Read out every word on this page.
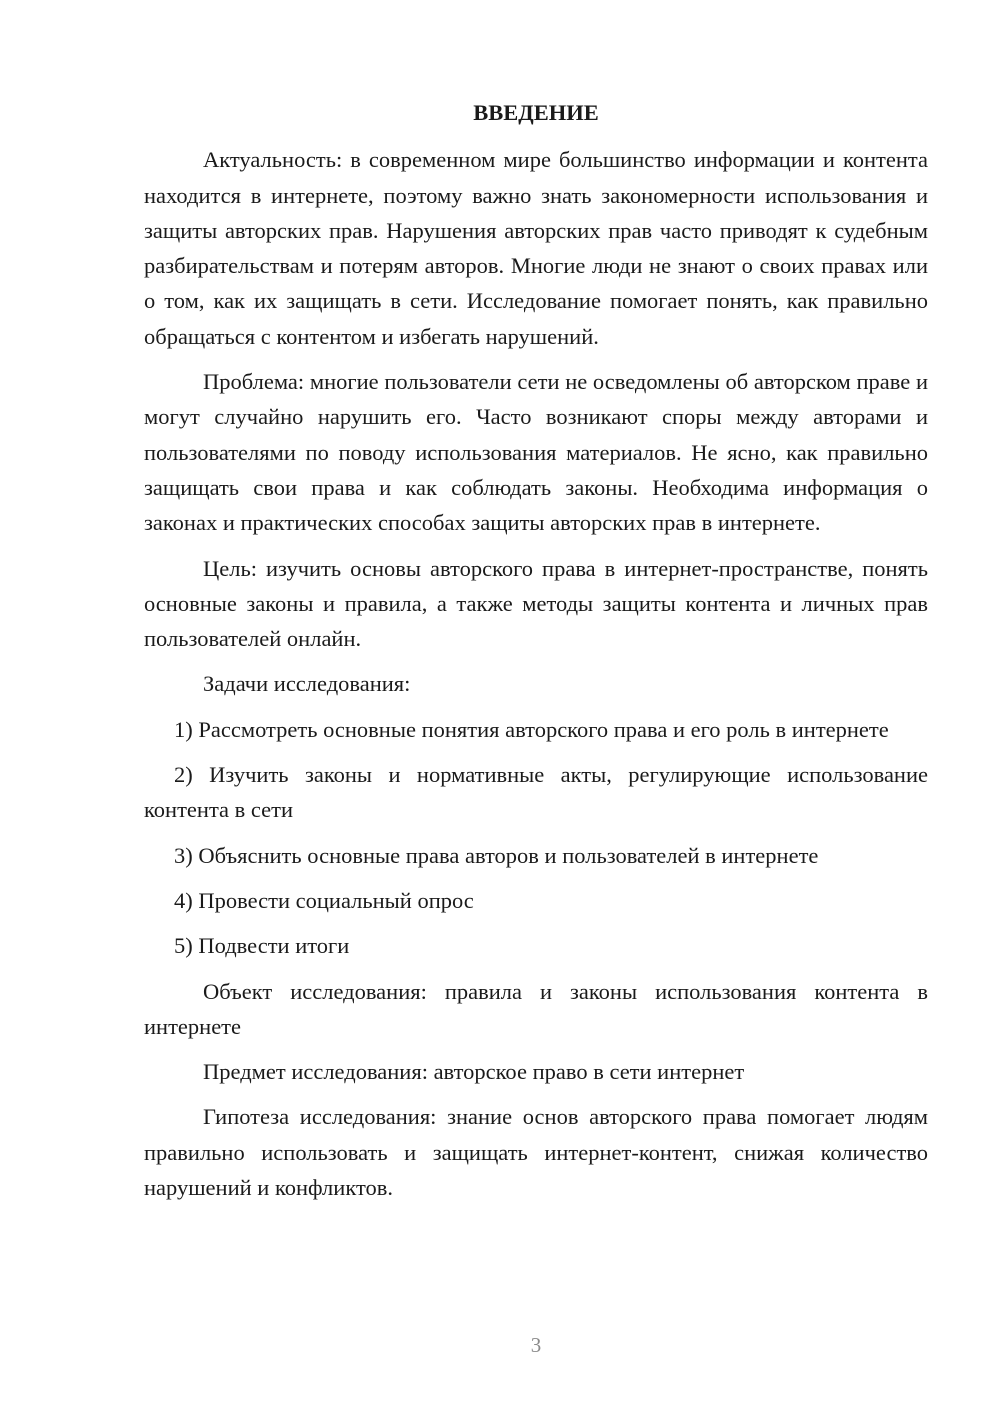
ВВЕДЕНИЕ

Актуальность: в современном мире большинство информации и контента находится в интернете, поэтому важно знать закономерности использования и защиты авторских прав. Нарушения авторских прав часто приводят к судебным разбирательствам и потерям авторов. Многие люди не знают о своих правах или о том, как их защищать в сети. Исследование помогает понять, как правильно обращаться с контентом и избегать нарушений.

Проблема: многие пользователи сети не осведомлены об авторском праве и могут случайно нарушить его. Часто возникают споры между авторами и пользователями по поводу использования материалов. Не ясно, как правильно защищать свои права и как соблюдать законы. Необходима информация о законах и практических способах защиты авторских прав в интернете.

Цель: изучить основы авторского права в интернет-пространстве, понять основные законы и правила, а также методы защиты контента и личных прав пользователей онлайн.

Задачи исследования:

1) Рассмотреть основные понятия авторского права и его роль в интернете

2) Изучить законы и нормативные акты, регулирующие использование контента в сети

3) Объяснить основные права авторов и пользователей в интернете

4) Провести социальный опрос

5) Подвести итоги

Объект исследования: правила и законы использования контента в интернете

Предмет исследования: авторское право в сети интернет

Гипотеза исследования: знание основ авторского права помогает людям правильно использовать и защищать интернет-контент, снижая количество нарушений и конфликтов.

3
